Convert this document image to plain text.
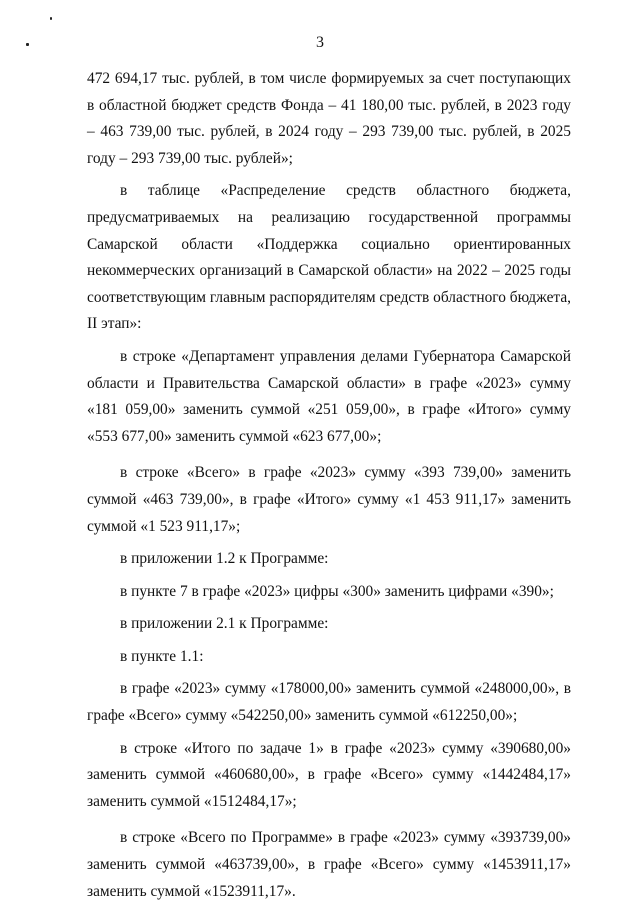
3

472 694,17 тыс. рублей, в том числе формируемых за счет поступающих в областной бюджет средств Фонда – 41 180,00 тыс. рублей, в 2023 году – 463 739,00 тыс. рублей, в 2024 году – 293 739,00 тыс. рублей, в 2025 году – 293 739,00 тыс. рублей»;

в таблице «Распределение средств областного бюджета, предусматриваемых на реализацию государственной программы Самарской области «Поддержка социально ориентированных некоммерческих организаций в Самарской области» на 2022 – 2025 годы соответствующим главным распорядителям средств областного бюджета, II этап»:

в строке «Департамент управления делами Губернатора Самарской области и Правительства Самарской области» в графе «2023» сумму «181 059,00» заменить суммой «251 059,00», в графе «Итого» сумму «553 677,00» заменить суммой «623 677,00»;

в строке «Всего» в графе «2023» сумму «393 739,00» заменить суммой «463 739,00», в графе «Итого» сумму «1 453 911,17» заменить суммой «1 523 911,17»;

в приложении 1.2 к Программе:

в пункте 7 в графе «2023» цифры «300» заменить цифрами «390»;

в приложении 2.1 к Программе:

в пункте 1.1:

в графе «2023» сумму «178000,00» заменить суммой «248000,00», в графе «Всего» сумму «542250,00» заменить суммой «612250,00»;

в строке «Итого по задаче 1» в графе «2023» сумму «390680,00» заменить суммой «460680,00», в графе «Всего» сумму «1442484,17» заменить суммой «1512484,17»;

в строке «Всего по Программе» в графе «2023» сумму «393739,00» заменить суммой «463739,00», в графе «Всего» сумму «1453911,17» заменить суммой «1523911,17».
